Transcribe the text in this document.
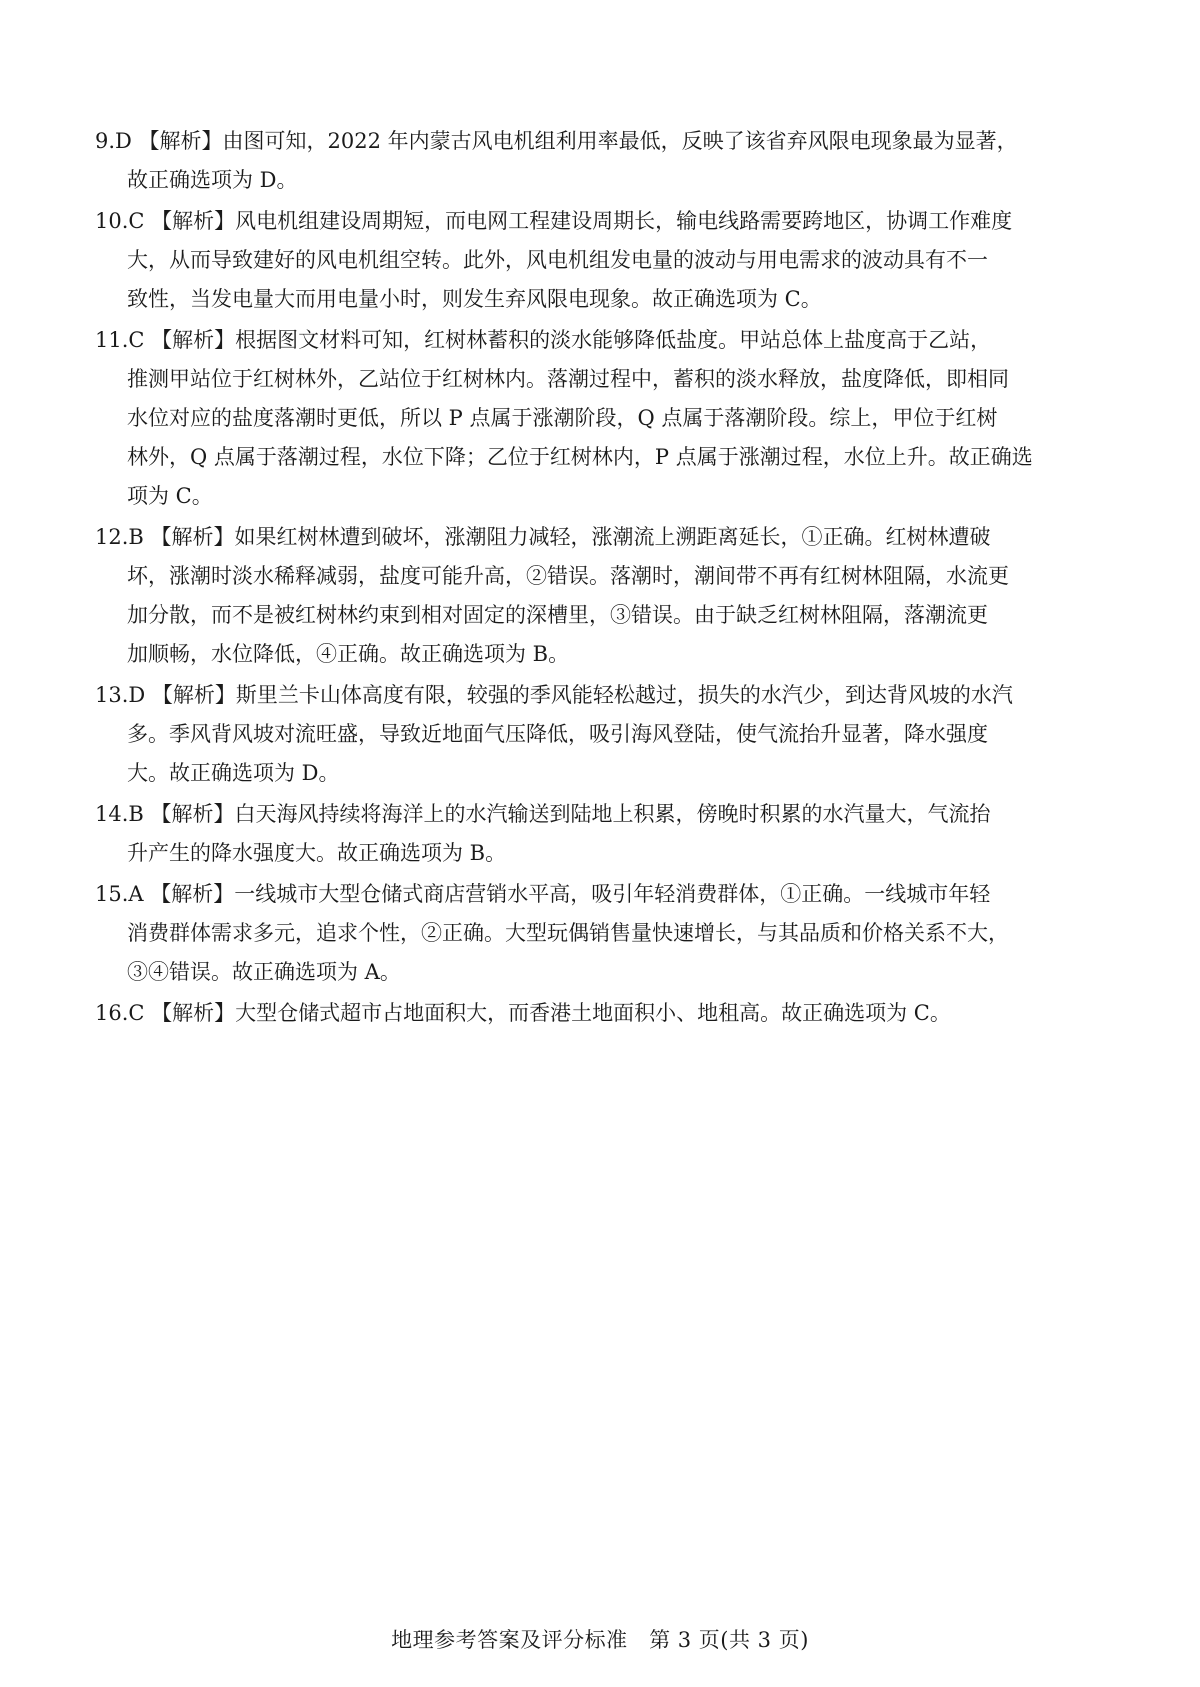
9.D 【解析】由图可知，2022 年内蒙古风电机组利用率最低，反映了该省弃风限电现象最为显著，
故正确选项为 D。
10.C 【解析】风电机组建设周期短，而电网工程建设周期长，输电线路需要跨地区，协调工作难度
大，从而导致建好的风电机组空转。此外，风电机组发电量的波动与用电需求的波动具有不一
致性，当发电量大而用电量小时，则发生弃风限电现象。故正确选项为 C。
11.C 【解析】根据图文材料可知，红树林蓄积的淡水能够降低盐度。甲站总体上盐度高于乙站，
推测甲站位于红树林外，乙站位于红树林内。落潮过程中，蓄积的淡水释放，盐度降低，即相同
水位对应的盐度落潮时更低，所以 P 点属于涨潮阶段，Q 点属于落潮阶段。综上，甲位于红树
林外，Q 点属于落潮过程，水位下降；乙位于红树林内，P 点属于涨潮过程，水位上升。故正确选
项为 C。
12.B 【解析】如果红树林遭到破坏，涨潮阻力减轻，涨潮流上溯距离延长，①正确。红树林遭破
坏，涨潮时淡水稀释减弱，盐度可能升高，②错误。落潮时，潮间带不再有红树林阻隔，水流更
加分散，而不是被红树林约束到相对固定的深槽里，③错误。由于缺乏红树林阻隔，落潮流更
加顺畅，水位降低，④正确。故正确选项为 B。
13.D 【解析】斯里兰卡山体高度有限，较强的季风能轻松越过，损失的水汽少，到达背风坡的水汽
多。季风背风坡对流旺盛，导致近地面气压降低，吸引海风登陆，使气流抬升显著，降水强度
大。故正确选项为 D。
14.B 【解析】白天海风持续将海洋上的水汽输送到陆地上积累，傍晚时积累的水汽量大，气流抬
升产生的降水强度大。故正确选项为 B。
15.A 【解析】一线城市大型仓储式商店营销水平高，吸引年轻消费群体，①正确。一线城市年轻
消费群体需求多元，追求个性，②正确。大型玩偶销售量快速增长，与其品质和价格关系不大，
③④错误。故正确选项为 A。
16.C 【解析】大型仓储式超市占地面积大，而香港土地面积小、地租高。故正确选项为 C。
地理参考答案及评分标准　第 3 页(共 3 页)
